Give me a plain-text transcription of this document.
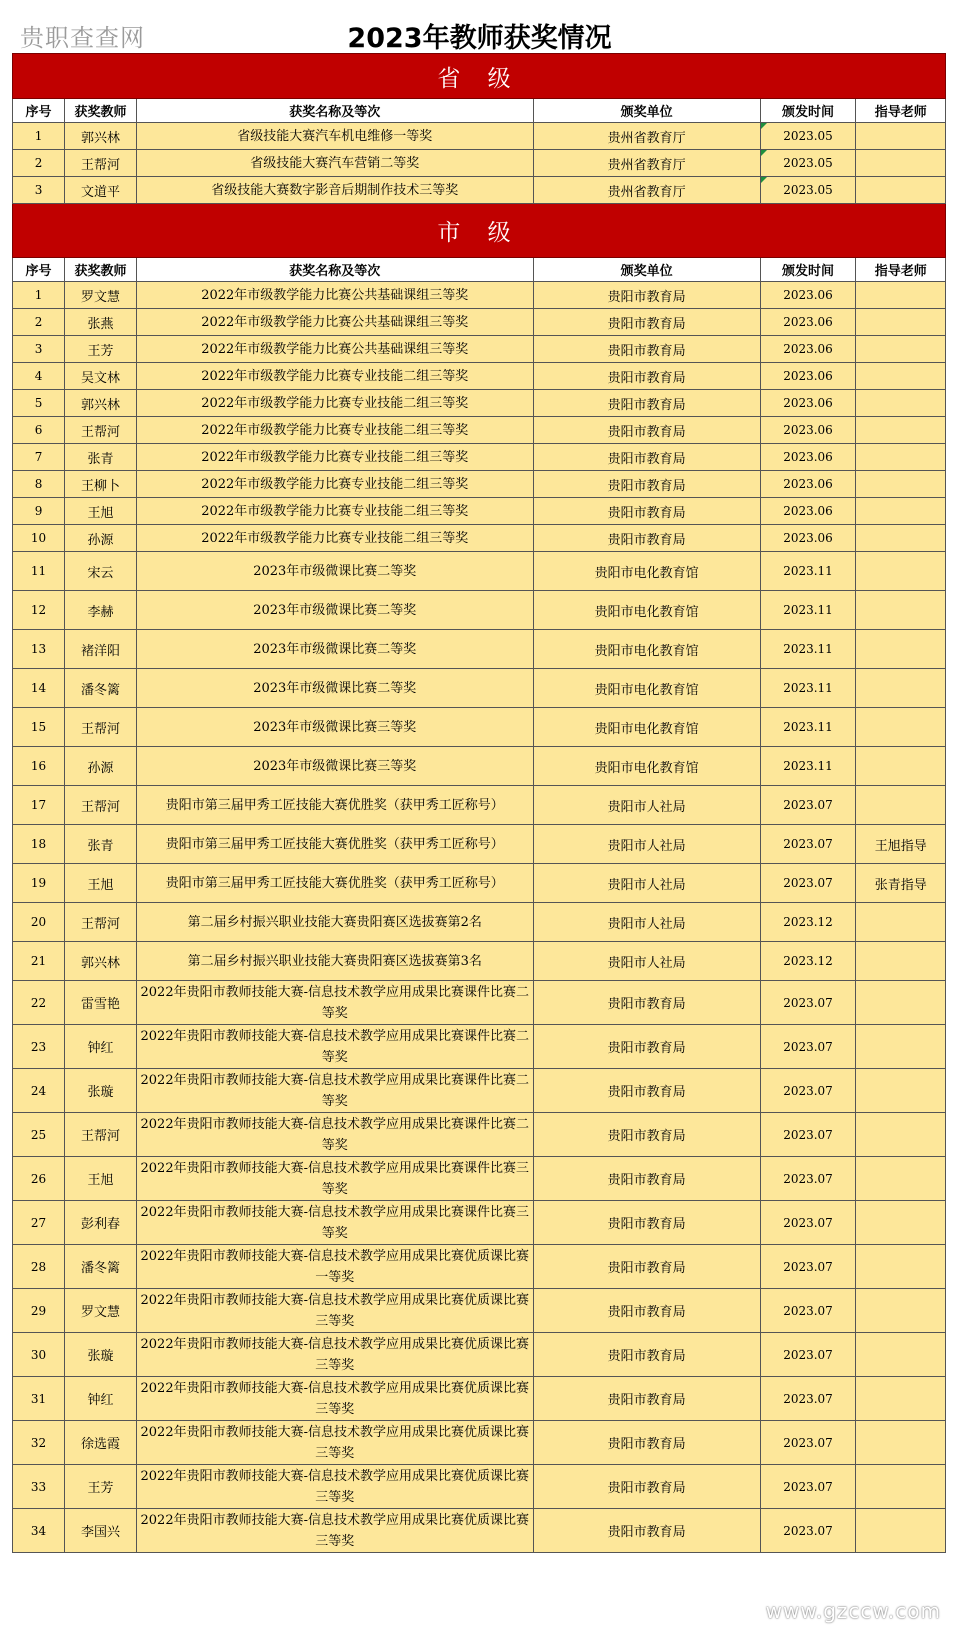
贵职查查网	2023年教师获奖情况
省 级					
序号	获奖教师	获奖名称及等次	颁奖单位	颁发时间	指导老师
1	郭兴林	省级技能大赛汽车机电维修一等奖	贵州省教育厅	2023.05	
2	王帮河	省级技能大赛汽车营销二等奖	贵州省教育厅	2023.05	
3	文道平	省级技能大赛数字影音后期制作技术三等奖	贵州省教育厅	2023.05	
市 级					
序号	获奖教师	获奖名称及等次	颁奖单位	颁发时间	指导老师
1	罗文慧	2022年市级教学能力比赛公共基础课组三等奖	贵阳市教育局	2023.06	
2	张燕	2022年市级教学能力比赛公共基础课组三等奖	贵阳市教育局	2023.06	
3	王芳	2022年市级教学能力比赛公共基础课组三等奖	贵阳市教育局	2023.06	
4	吴文林	2022年市级教学能力比赛专业技能二组三等奖	贵阳市教育局	2023.06	
5	郭兴林	2022年市级教学能力比赛专业技能二组三等奖	贵阳市教育局	2023.06	
6	王帮河	2022年市级教学能力比赛专业技能二组三等奖	贵阳市教育局	2023.06	
7	张青	2022年市级教学能力比赛专业技能二组三等奖	贵阳市教育局	2023.06	
8	王柳卜	2022年市级教学能力比赛专业技能二组三等奖	贵阳市教育局	2023.06	
9	王旭	2022年市级教学能力比赛专业技能二组三等奖	贵阳市教育局	2023.06	
10	孙源	2022年市级教学能力比赛专业技能二组三等奖	贵阳市教育局	2023.06	
11	宋云	2023年市级微课比赛二等奖	贵阳市电化教育馆	2023.11	
12	李赫	2023年市级微课比赛二等奖	贵阳市电化教育馆	2023.11	
13	褚洋阳	2023年市级微课比赛二等奖	贵阳市电化教育馆	2023.11	
14	潘冬篱	2023年市级微课比赛二等奖	贵阳市电化教育馆	2023.11	
15	王帮河	2023年市级微课比赛三等奖	贵阳市电化教育馆	2023.11	
16	孙源	2023年市级微课比赛三等奖	贵阳市电化教育馆	2023.11	
17	王帮河	贵阳市第三届甲秀工匠技能大赛优胜奖（获甲秀工匠称号）	贵阳市人社局	2023.07	
18	张青	贵阳市第三届甲秀工匠技能大赛优胜奖（获甲秀工匠称号）	贵阳市人社局	2023.07	王旭指导
19	王旭	贵阳市第三届甲秀工匠技能大赛优胜奖（获甲秀工匠称号）	贵阳市人社局	2023.07	张青指导
20	王帮河	第二届乡村振兴职业技能大赛贵阳赛区选拔赛第2名	贵阳市人社局	2023.12	
21	郭兴林	第二届乡村振兴职业技能大赛贵阳赛区选拔赛第3名	贵阳市人社局	2023.12	
22	雷雪艳	2022年贵阳市教师技能大赛-信息技术教学应用成果比赛课件比赛二等奖	贵阳市教育局	2023.07	
23	钟红	2022年贵阳市教师技能大赛-信息技术教学应用成果比赛课件比赛二等奖	贵阳市教育局	2023.07	
24	张璇	2022年贵阳市教师技能大赛-信息技术教学应用成果比赛课件比赛二等奖	贵阳市教育局	2023.07	
25	王帮河	2022年贵阳市教师技能大赛-信息技术教学应用成果比赛课件比赛二等奖	贵阳市教育局	2023.07	
26	王旭	2022年贵阳市教师技能大赛-信息技术教学应用成果比赛课件比赛三等奖	贵阳市教育局	2023.07	
27	彭利春	2022年贵阳市教师技能大赛-信息技术教学应用成果比赛课件比赛三等奖	贵阳市教育局	2023.07	
28	潘冬篱	2022年贵阳市教师技能大赛-信息技术教学应用成果比赛优质课比赛一等奖	贵阳市教育局	2023.07	
29	罗文慧	2022年贵阳市教师技能大赛-信息技术教学应用成果比赛优质课比赛三等奖	贵阳市教育局	2023.07	
30	张璇	2022年贵阳市教师技能大赛-信息技术教学应用成果比赛优质课比赛三等奖	贵阳市教育局	2023.07	
31	钟红	2022年贵阳市教师技能大赛-信息技术教学应用成果比赛优质课比赛三等奖	贵阳市教育局	2023.07	
32	徐选霞	2022年贵阳市教师技能大赛-信息技术教学应用成果比赛优质课比赛三等奖	贵阳市教育局	2023.07	
33	王芳	2022年贵阳市教师技能大赛-信息技术教学应用成果比赛优质课比赛三等奖	贵阳市教育局	2023.07	
34	李国兴	2022年贵阳市教师技能大赛-信息技术教学应用成果比赛优质课比赛三等奖	贵阳市教育局	2023.07	
www.gzccw.com
